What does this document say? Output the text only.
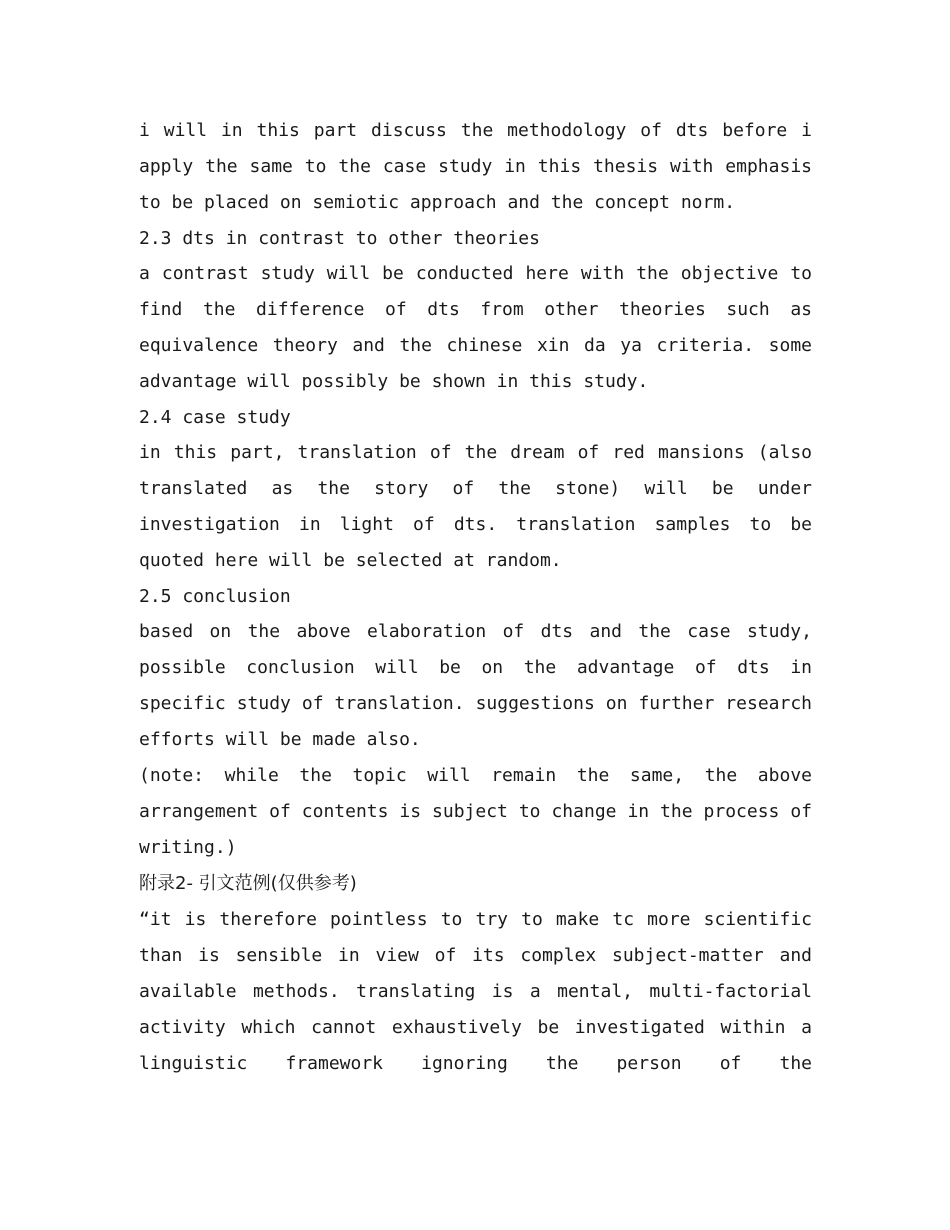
i will in this part discuss the methodology of dts before i apply the same to the case study in this thesis with emphasis to be placed on semiotic approach and the concept norm.

2.3 dts in contrast to other theories

a contrast study will be conducted here with the objective to find the difference of dts from other theories such as equivalence theory and the chinese xin da ya criteria. some advantage will possibly be shown in this study.

2.4 case study

in this part, translation of the dream of red mansions (also translated as the story of the stone) will be under investigation in light of dts. translation samples to be quoted here will be selected at random.

2.5 conclusion

based on the above elaboration of dts and the case study, possible conclusion will be on the advantage of dts in specific study of translation. suggestions on further research efforts will be made also.

(note: while the topic will remain the same, the above arrangement of contents is subject to change in the process of writing.)

附录2- 引文范例(仅供参考)

“it is therefore pointless to try to make tc more scientific than is sensible in view of its complex subject-matter and available methods. translating is a mental, multi-factorial activity which cannot exhaustively be investigated within a linguistic framework ignoring the person of the
